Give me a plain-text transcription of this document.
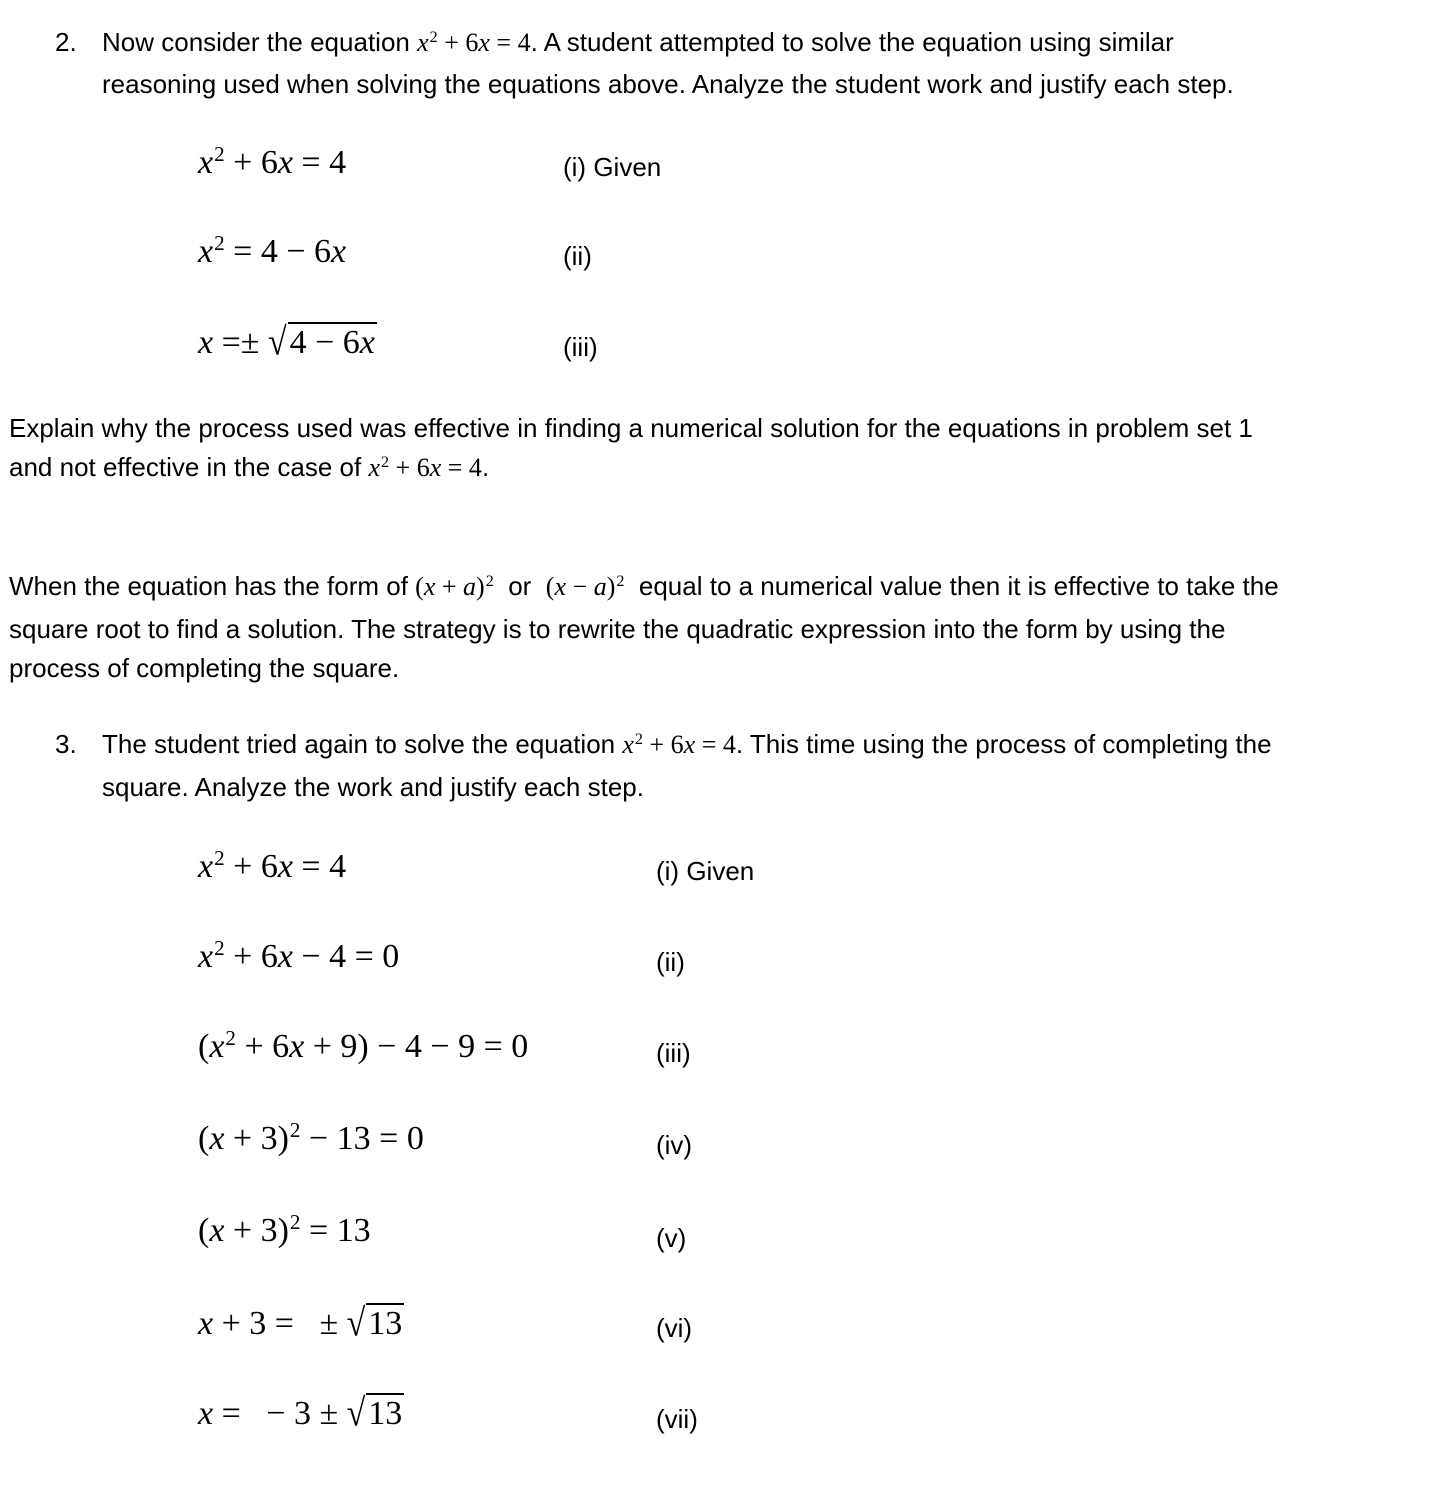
2. Now consider the equation $x^2 + 6x = 4$. A student attempted to solve the equation using similar
reasoning used when solving the equations above. Analyze the student work and justify each step.
$x^2 + 6x = 4$	(i) Given
$x^2 = 4 - 6x$	(ii)
x =± √4 − 6x	(iii)
Explain why the process used was effective in finding a numerical solution for the equations in problem set 1
and not effective in the case of $x^2 + 6x = 4$.
When the equation has the form of $(x + a)^2$ or $(x - a)^2$ equal to a numerical value then it is effective to take the
square root to find a solution. The strategy is to rewrite the quadratic expression into the form by using the
process of completing the square.
3. The student tried again to solve the equation $x^2 + 6x = 4$. This time using the process of completing the
square. Analyze the work and justify each step.
$x^2 + 6x = 4$	(i) Given
$x^2 + 6x - 4 = 0$	(ii)
$(x^2 + 6x + 9) - 4 - 9 = 0$	(iii)
$(x + 3)^2 - 13 = 0$	(iv)
$(x + 3)^2 = 13$	(v)
x + 3 =   ± √13	(vi)
x =   − 3 ± √13	(vii)
